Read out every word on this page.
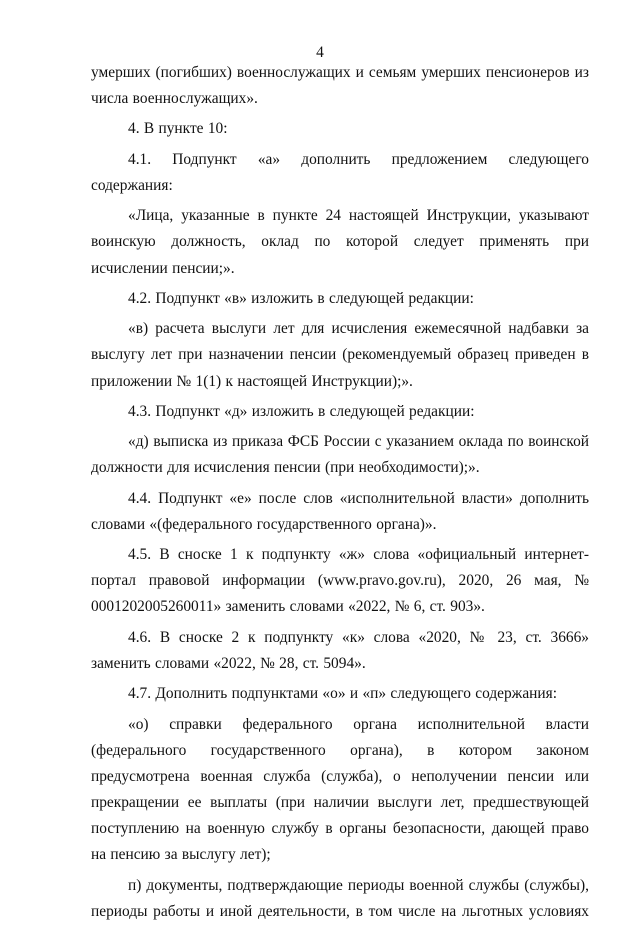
4

умерших (погибших) военнослужащих и семьям умерших пенсионеров из числа военнослужащих».

4. В пункте 10:

4.1. Подпункт «а» дополнить предложением следующего содержания:

«Лица, указанные в пункте 24 настоящей Инструкции, указывают воинскую должность, оклад по которой следует применять при исчислении пенсии;».

4.2. Подпункт «в» изложить в следующей редакции:

«в) расчета выслуги лет для исчисления ежемесячной надбавки за выслугу лет при назначении пенсии (рекомендуемый образец приведен в приложении № 1(1) к настоящей Инструкции);».

4.3. Подпункт «д» изложить в следующей редакции:

«д) выписка из приказа ФСБ России с указанием оклада по воинской должности для исчисления пенсии (при необходимости);».

4.4. Подпункт «е» после слов «исполнительной власти» дополнить словами «(федерального государственного органа)».

4.5. В сноске 1 к подпункту «ж» слова «официальный интернет-портал правовой информации (www.pravo.gov.ru), 2020, 26 мая, № 0001202005260011» заменить словами «2022, № 6, ст. 903».

4.6. В сноске 2 к подпункту «к» слова «2020, № 23, ст. 3666» заменить словами «2022, № 28, ст. 5094».

4.7. Дополнить подпунктами «о» и «п» следующего содержания:

«о) справки федерального органа исполнительной власти (федерального государственного органа), в котором законом предусмотрена военная служба (служба), о неполучении пенсии или прекращении ее выплаты (при наличии выслуги лет, предшествующей поступлению на военную службу в органы безопасности, дающей право на пенсию за выслугу лет);

п) документы, подтверждающие периоды военной службы (службы), периоды работы и иной деятельности, в том числе на льготных условиях
